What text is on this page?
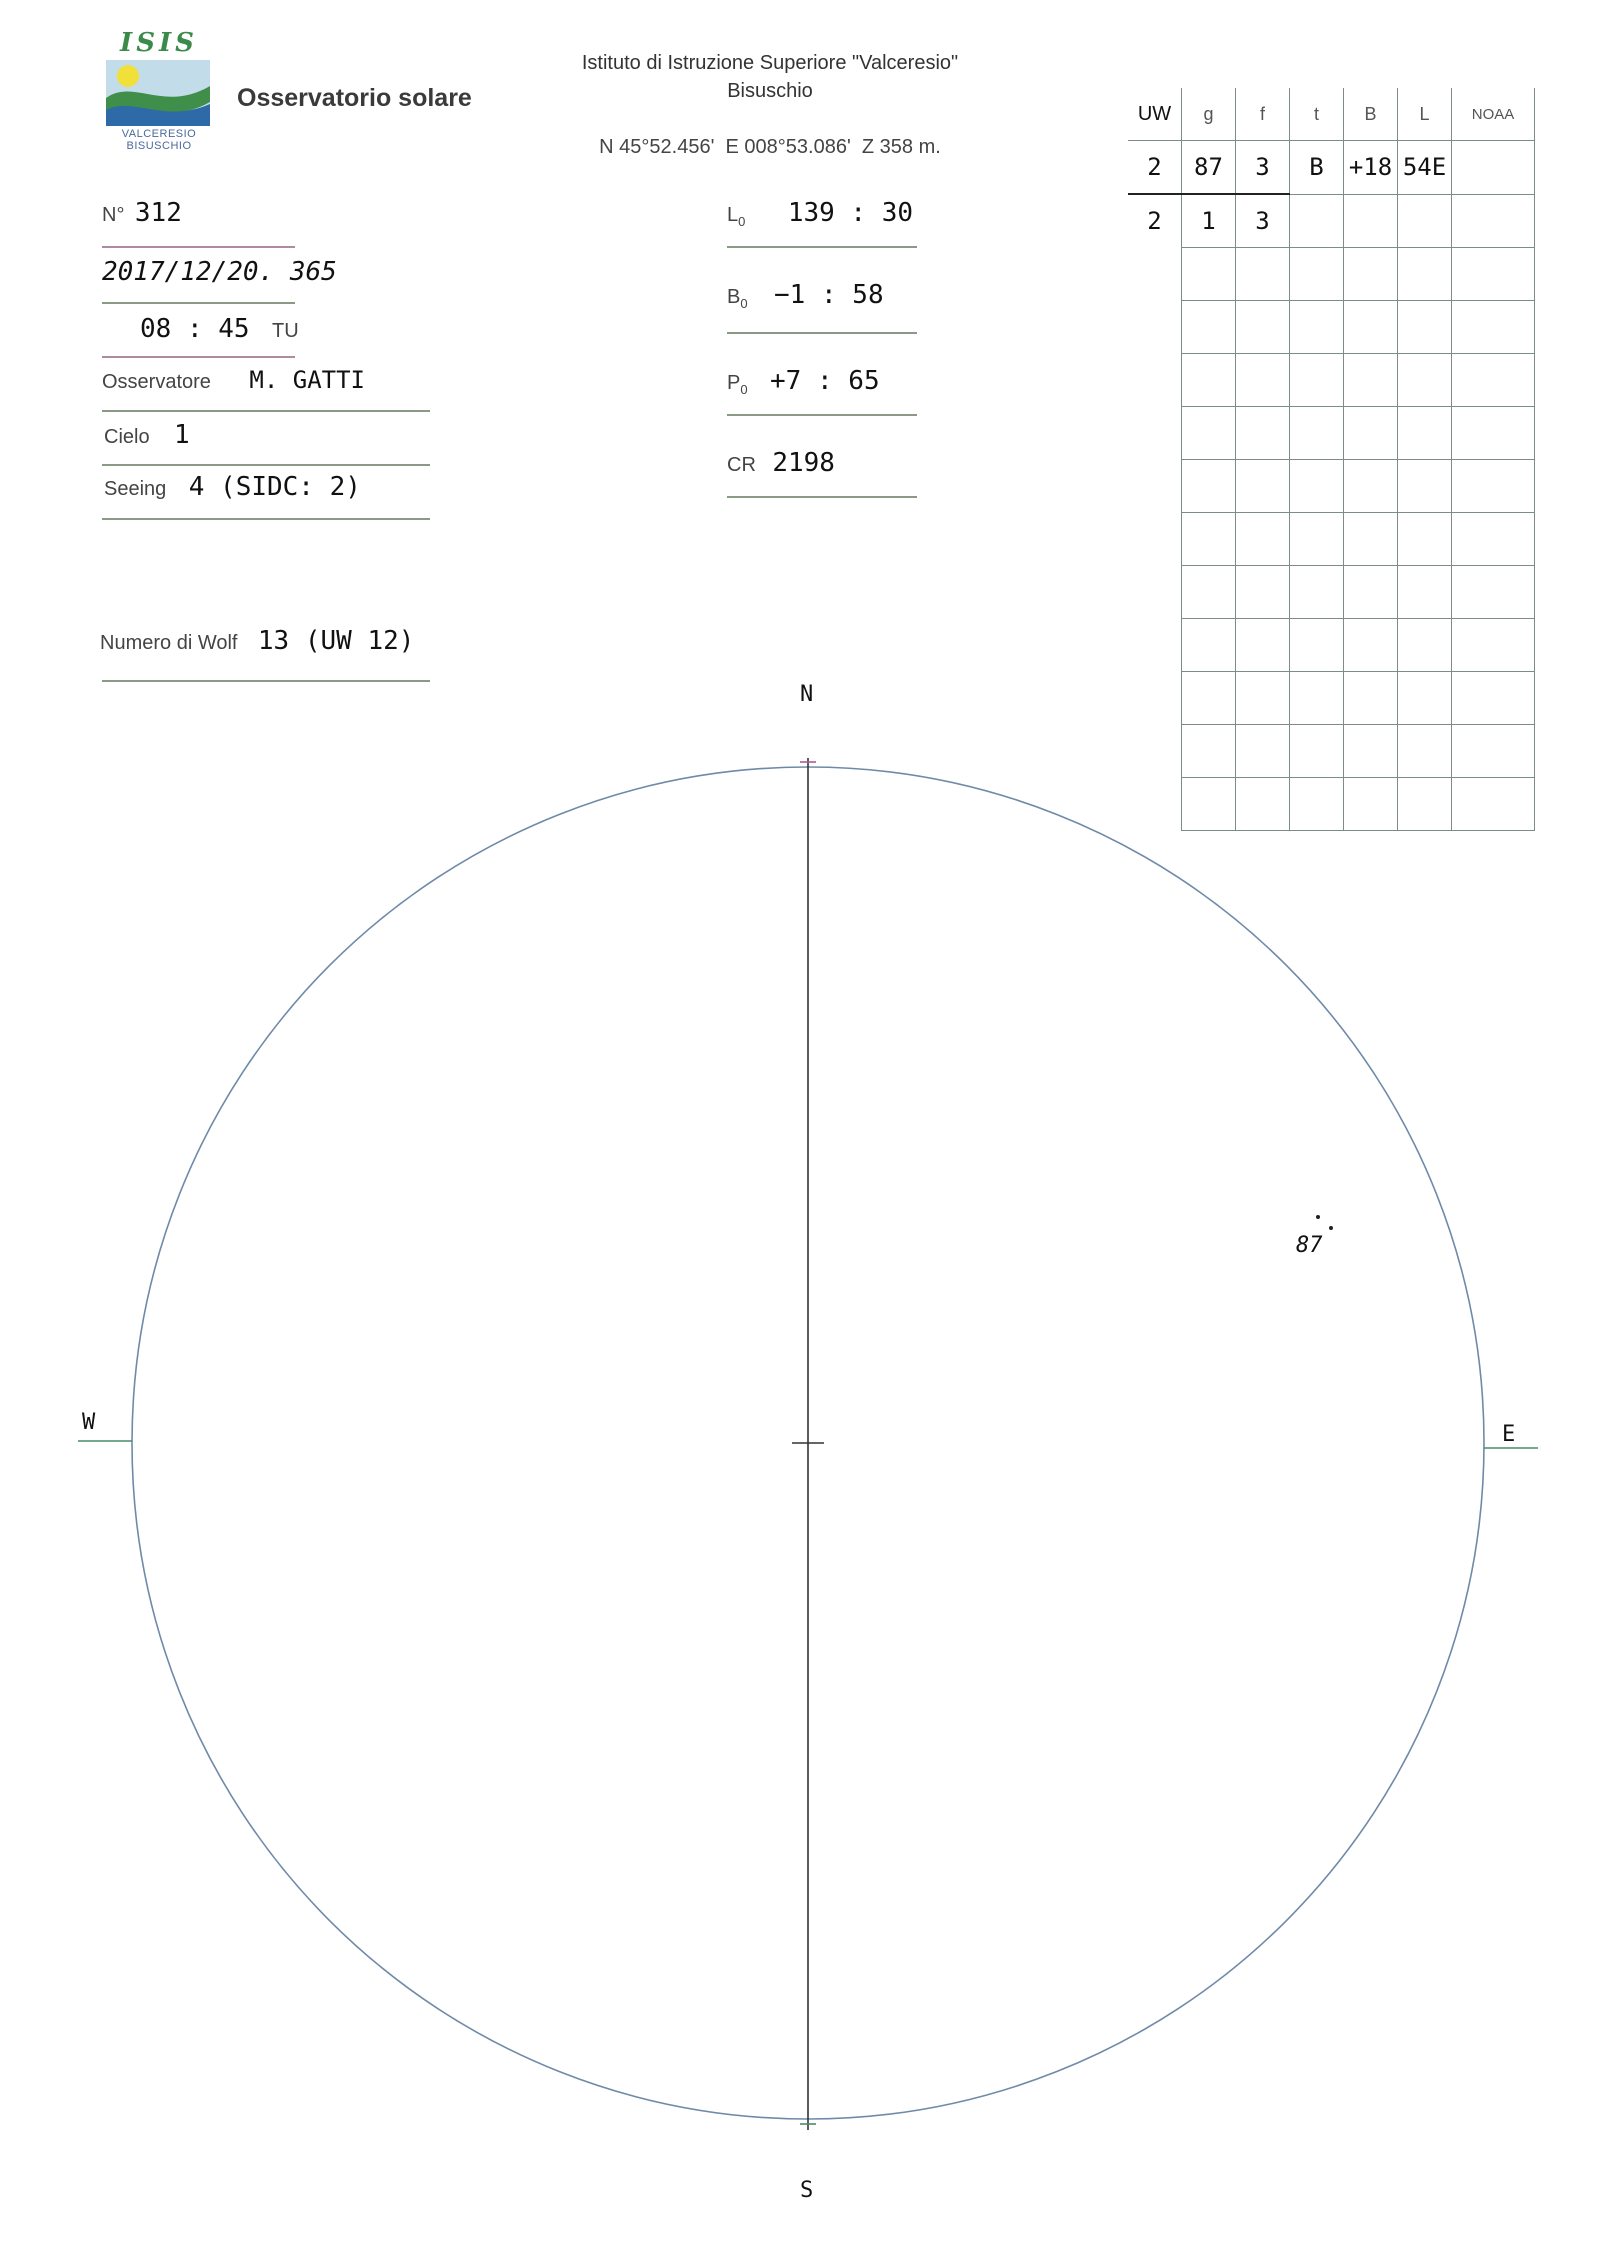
ISIS
VALCERESIO
BISUSCHIO
Osservatorio solare
Istituto di Istruzione Superiore "Valceresio"
Bisuschio
N 45°52.456'  E 008°53.086'  Z 358 m.
N° 312
2017/12/20. 365
08 : 45 TU
Osservatore M. GATTI
Cielo 1
Seeing 4 (SIDC: 2)
Numero di Wolf 13 (UW 12)
$L_0$ 139 : 30
$B_0 -1$ : 58
$P_0 +7$ : 65
CR 2198
UW	g	f	t	B	L	NOAA
2	87	3	B	+18	54E	
2	1	3				

N
S
W	E
87
